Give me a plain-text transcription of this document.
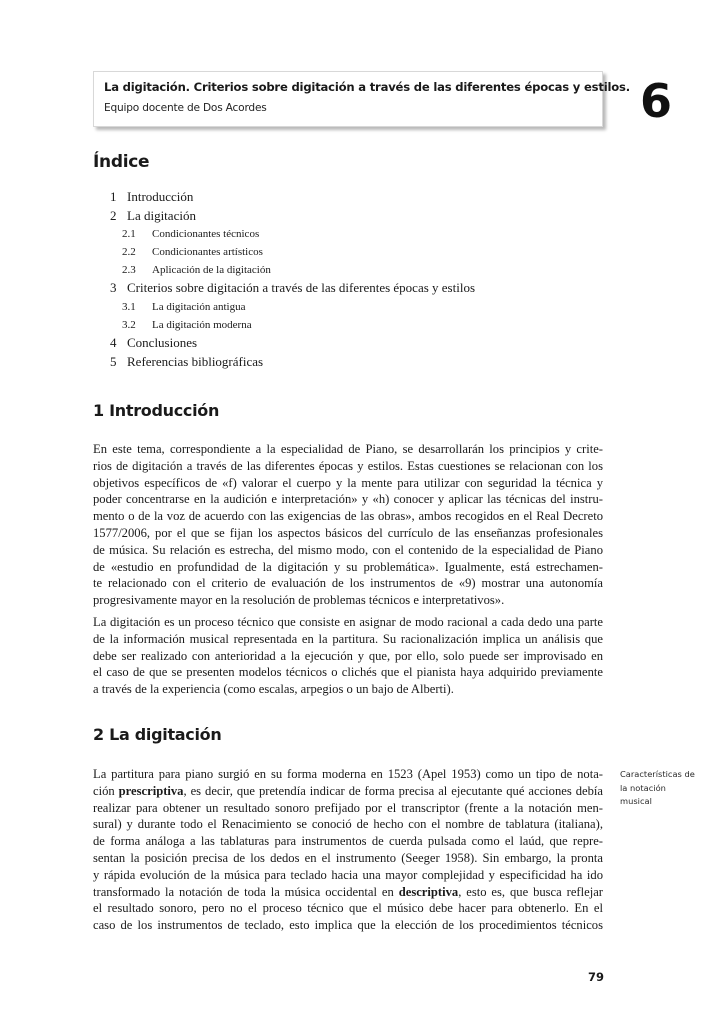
La digitación. Criterios sobre digitación a través de las diferentes épocas y estilos.
Equipo docente de Dos Acordes	6
Índice
1 Introducción
2 La digitación
2.1 Condicionantes técnicos
2.2 Condicionantes artísticos
2.3 Aplicación de la digitación
3 Criterios sobre digitación a través de las diferentes épocas y estilos
3.1 La digitación antigua
3.2 La digitación moderna
4 Conclusiones
5 Referencias bibliográficas
1 Introducción
En este tema, correspondiente a la especialidad de Piano, se desarrollarán los principios y crite-
rios de digitación a través de las diferentes épocas y estilos. Estas cuestiones se relacionan con los
objetivos específicos de «f) valorar el cuerpo y la mente para utilizar con seguridad la técnica y
poder concentrarse en la audición e interpretación» y «h) conocer y aplicar las técnicas del instru-
mento o de la voz de acuerdo con las exigencias de las obras», ambos recogidos en el Real Decreto
1577/2006, por el que se fijan los aspectos básicos del currículo de las enseñanzas profesionales
de música. Su relación es estrecha, del mismo modo, con el contenido de la especialidad de Piano
de «estudio en profundidad de la digitación y su problemática». Igualmente, está estrechamen-
te relacionado con el criterio de evaluación de los instrumentos de «9) mostrar una autonomía
progresivamente mayor en la resolución de problemas técnicos e interpretativos».
La digitación es un proceso técnico que consiste en asignar de modo racional a cada dedo una parte
de la información musical representada en la partitura. Su racionalización implica un análisis que
debe ser realizado con anterioridad a la ejecución y que, por ello, solo puede ser improvisado en
el caso de que se presenten modelos técnicos o clichés que el pianista haya adquirido previamente
a través de la experiencia (como escalas, arpegios o un bajo de Alberti).
2 La digitación
Características de la notación musical
La partitura para piano surgió en su forma moderna en 1523 (Apel 1953) como un tipo de nota-
ción prescriptiva, es decir, que pretendía indicar de forma precisa al ejecutante qué acciones debía
realizar para obtener un resultado sonoro prefijado por el transcriptor (frente a la notación men-
sural) y durante todo el Renacimiento se conoció de hecho con el nombre de tablatura (italiana),
de forma análoga a las tablaturas para instrumentos de cuerda pulsada como el laúd, que repre-
sentan la posición precisa de los dedos en el instrumento (Seeger 1958). Sin embargo, la pronta
y rápida evolución de la música para teclado hacia una mayor complejidad y especificidad ha ido
transformado la notación de toda la música occidental en descriptiva, esto es, que busca reflejar
el resultado sonoro, pero no el proceso técnico que el músico debe hacer para obtenerlo. En el
caso de los instrumentos de teclado, esto implica que la elección de los procedimientos técnicos
79
